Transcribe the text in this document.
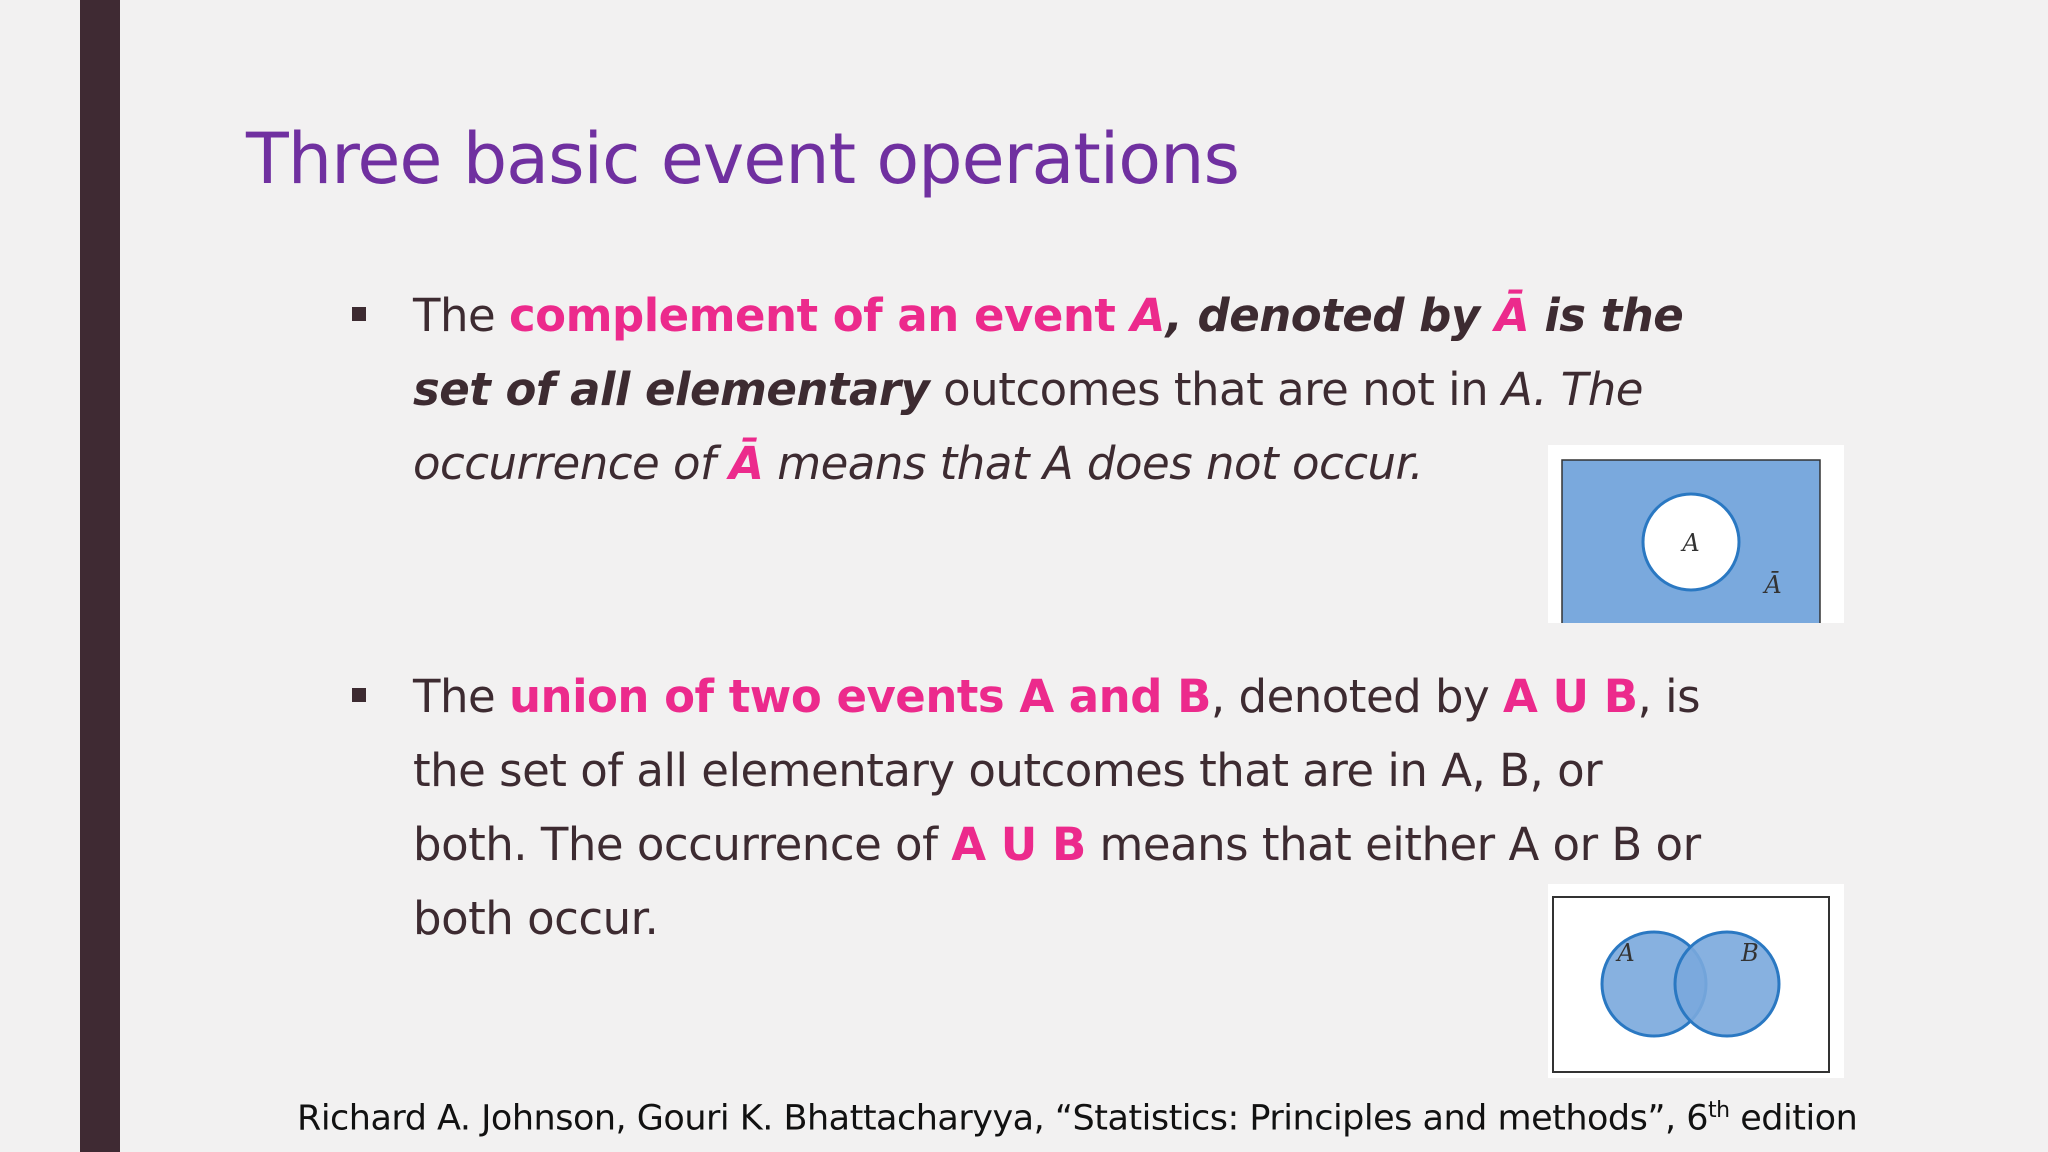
Three basic event operations
The complement of an event A, denoted by Ā is the set of all elementary outcomes that are not in A. The occurrence of Ā means that A does not occur.
The union of two events A and B, denoted by A U B, is the set of all elementary outcomes that are in A, B, or both. The occurrence of A U B means that either A or B or both occur.
A
Ā
A	B
Richard A. Johnson, Gouri K. Bhattacharyya, “Statistics: Principles and methods”, 6th edition
